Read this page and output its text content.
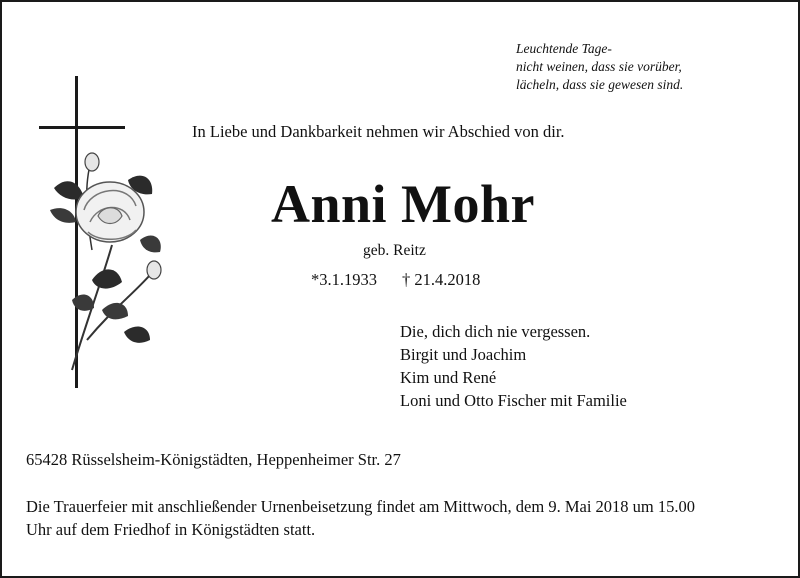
Leuchtende Tage-
nicht weinen, dass sie vorüber,
lächeln, dass sie gewesen sind.
In Liebe und Dankbarkeit nehmen wir Abschied von dir.
Anni Mohr
geb. Reitz
*3.1.1933 † 21.4.2018
Die, dich dich nie vergessen.
Birgit und Joachim
Kim und René
Loni und Otto Fischer mit Familie
65428 Rüsselsheim-Königstädten, Heppenheimer Str. 27
Die Trauerfeier mit anschließender Urnenbeisetzung findet am Mittwoch, dem 9. Mai 2018 um 15.00
Uhr auf dem Friedhof in Königstädten statt.
